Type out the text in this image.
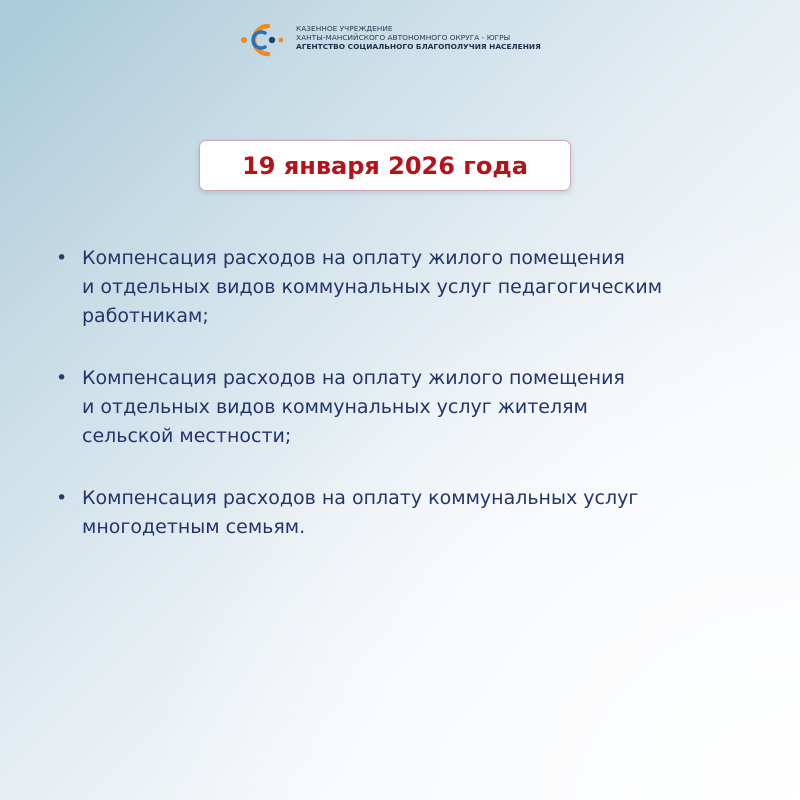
КАЗЕННОЕ УЧРЕЖДЕНИЕ
ХАНТЫ-МАНСИЙСКОГО АВТОНОМНОГО ОКРУГА - ЮГРЫ
АГЕНТСТВО СОЦИАЛЬНОГО БЛАГОПОЛУЧИЯ НАСЕЛЕНИЯ
19 января 2026 года
• Компенсация расходов на оплату жилого помещения
и отдельных видов коммунальных услуг педагогическим
работникам;
• Компенсация расходов на оплату жилого помещения
и отдельных видов коммунальных услуг жителям
сельской местности;
• Компенсация расходов на оплату коммунальных услуг
многодетным семьям.
